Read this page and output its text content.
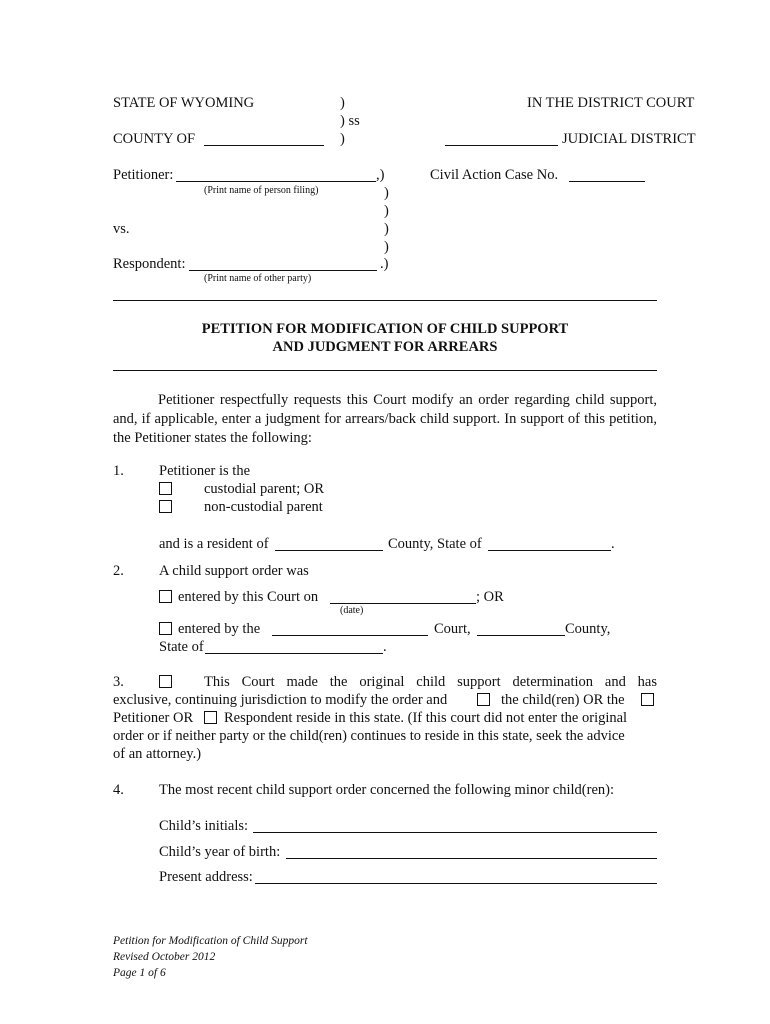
STATE OF WYOMING	)
) ss
COUNTY OF	)
IN THE DISTRICT COURT
JUDICIAL DISTRICT
Petitioner:	,)
(Print name of person filing)	)
)
vs.	)
)
Respondent:	.)
(Print name of other party)
Civil Action Case No.
PETITION FOR MODIFICATION OF CHILD SUPPORT
AND JUDGMENT FOR ARREARS
Petitioner respectfully requests this Court modify an order regarding child support, and, if applicable, enter a judgment for arrears/back child support. In support of this petition, the Petitioner states the following:
1. Petitioner is the
custodial parent; OR
non-custodial parent
and is a resident of	County, State of	.
2. A child support order was
entered by this Court on	; OR
(date)
entered by the	Court,	County,
State of	.
3.	This Court made the original child support determination and has
exclusive, continuing jurisdiction to modify the order and	the child(ren) OR the
Petitioner OR Respondent reside in this state. (If this court did not enter the original
order or if neither party or the child(ren) continues to reside in this state, seek the advice
of an attorney.)
4. The most recent child support order concerned the following minor child(ren):
Child’s initials:
Child’s year of birth:
Present address:
Petition for Modification of Child Support
Revised October 2012
Page 1 of 6
